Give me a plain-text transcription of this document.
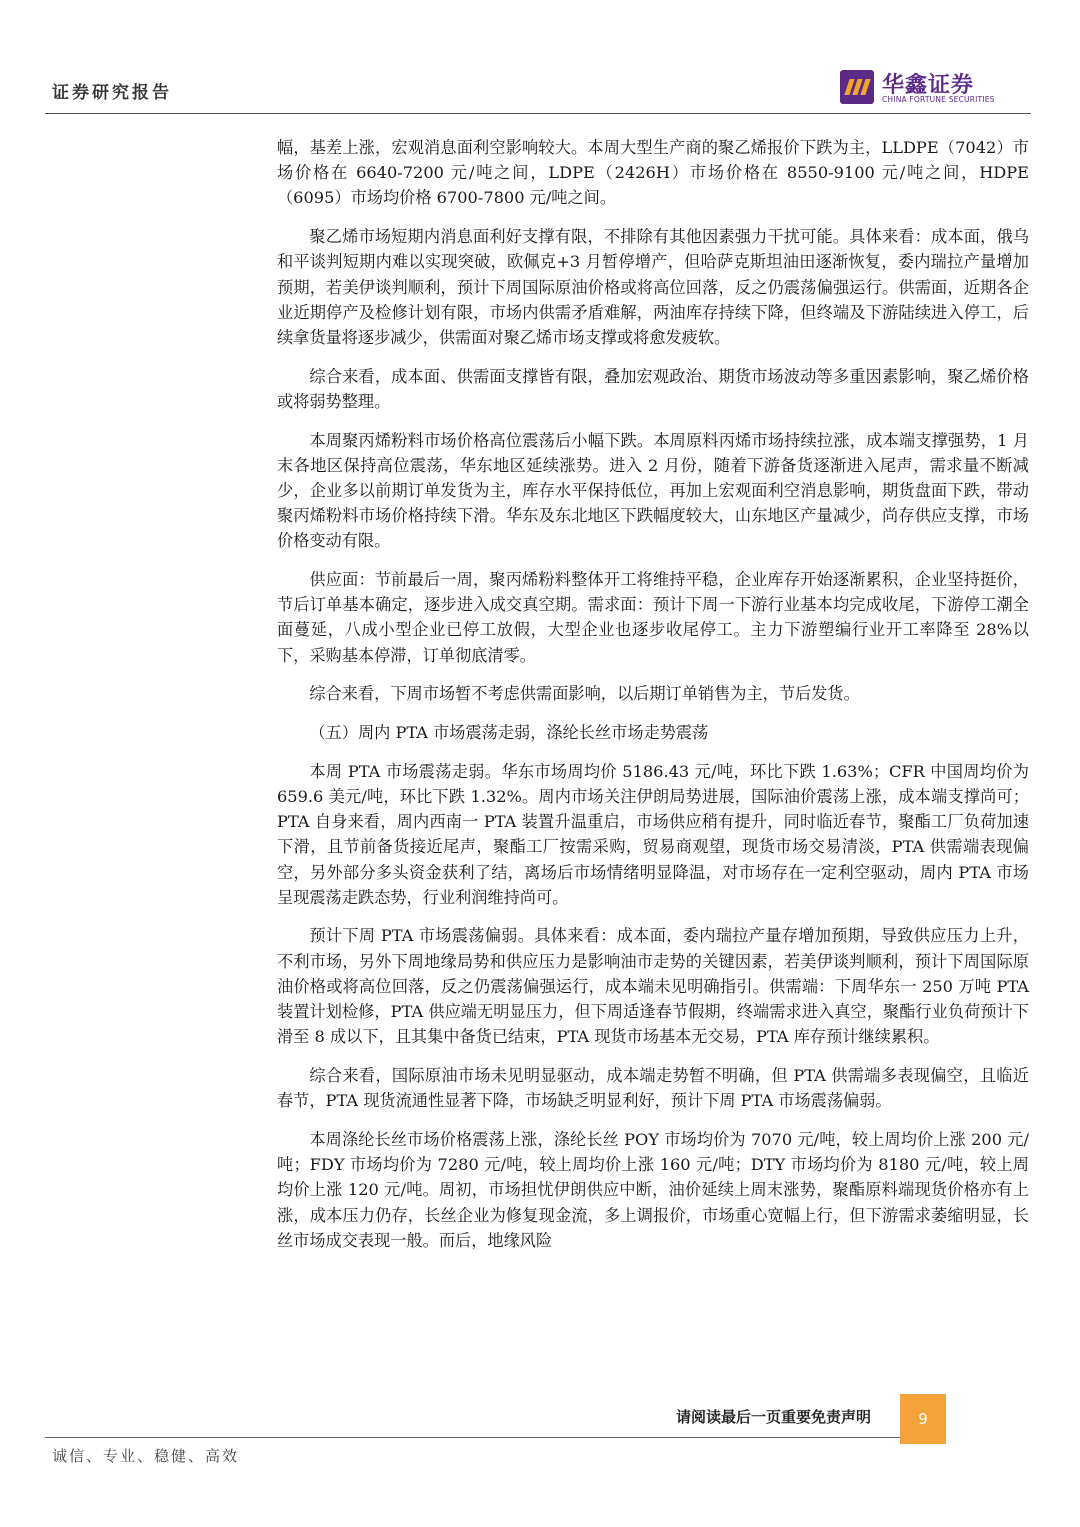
证券研究报告	华鑫证券
CHINA FORTUNE SECURITIES

幅，基差上涨，宏观消息面利空影响较大。本周大型生产商的聚乙烯报价下跌为主，LLDPE（7042）市场价格在 6640-7200 元/吨之间，LDPE（2426H）市场价格在 8550-9100 元/吨之间，HDPE（6095）市场均价格 6700-7800 元/吨之间。

聚乙烯市场短期内消息面利好支撑有限，不排除有其他因素强力干扰可能。具体来看：成本面，俄乌和平谈判短期内难以实现突破，欧佩克+3 月暂停增产，但哈萨克斯坦油田逐渐恢复，委内瑞拉产量增加预期，若美伊谈判顺利，预计下周国际原油价格或将高位回落，反之仍震荡偏强运行。供需面，近期各企业近期停产及检修计划有限，市场内供需矛盾难解，两油库存持续下降，但终端及下游陆续进入停工，后续拿货量将逐步减少，供需面对聚乙烯市场支撑或将愈发疲软。

综合来看，成本面、供需面支撑皆有限，叠加宏观政治、期货市场波动等多重因素影响，聚乙烯价格或将弱势整理。

本周聚丙烯粉料市场价格高位震荡后小幅下跌。本周原料丙烯市场持续拉涨，成本端支撑强势，1 月末各地区保持高位震荡，华东地区延续涨势。进入 2 月份，随着下游备货逐渐进入尾声，需求量不断减少，企业多以前期订单发货为主，库存水平保持低位，再加上宏观面利空消息影响，期货盘面下跌，带动聚丙烯粉料市场价格持续下滑。华东及东北地区下跌幅度较大，山东地区产量减少，尚存供应支撑，市场价格变动有限。

供应面：节前最后一周，聚丙烯粉料整体开工将维持平稳，企业库存开始逐渐累积，企业坚持挺价，节后订单基本确定，逐步进入成交真空期。需求面：预计下周一下游行业基本均完成收尾，下游停工潮全面蔓延，八成小型企业已停工放假，大型企业也逐步收尾停工。主力下游塑编行业开工率降至 28%以下，采购基本停滞，订单彻底清零。

综合来看，下周市场暂不考虑供需面影响，以后期订单销售为主，节后发货。

（五）周内 PTA 市场震荡走弱，涤纶长丝市场走势震荡

本周 PTA 市场震荡走弱。华东市场周均价 5186.43 元/吨，环比下跌 1.63%；CFR 中国周均价为 659.6 美元/吨，环比下跌 1.32%。周内市场关注伊朗局势进展，国际油价震荡上涨，成本端支撑尚可；PTA 自身来看，周内西南一 PTA 装置升温重启，市场供应稍有提升，同时临近春节，聚酯工厂负荷加速下滑，且节前备货接近尾声，聚酯工厂按需采购，贸易商观望，现货市场交易清淡，PTA 供需端表现偏空，另外部分多头资金获利了结，离场后市场情绪明显降温，对市场存在一定利空驱动，周内 PTA 市场呈现震荡走跌态势，行业利润维持尚可。

预计下周 PTA 市场震荡偏弱。具体来看：成本面，委内瑞拉产量存增加预期，导致供应压力上升，不利市场，另外下周地缘局势和供应压力是影响油市走势的关键因素，若美伊谈判顺利，预计下周国际原油价格或将高位回落，反之仍震荡偏强运行，成本端未见明确指引。供需端：下周华东一 250 万吨 PTA 装置计划检修，PTA 供应端无明显压力，但下周适逢春节假期，终端需求进入真空，聚酯行业负荷预计下滑至 8 成以下，且其集中备货已结束，PTA 现货市场基本无交易，PTA 库存预计继续累积。

综合来看，国际原油市场未见明显驱动，成本端走势暂不明确，但 PTA 供需端多表现偏空，且临近春节，PTA 现货流通性显著下降，市场缺乏明显利好，预计下周 PTA 市场震荡偏弱。

本周涤纶长丝市场价格震荡上涨，涤纶长丝 POY 市场均价为 7070 元/吨，较上周均价上涨 200 元/吨；FDY 市场均价为 7280 元/吨，较上周均价上涨 160 元/吨；DTY 市场均价为 8180 元/吨，较上周均价上涨 120 元/吨。周初，市场担忧伊朗供应中断，油价延续上周末涨势，聚酯原料端现货价格亦有上涨，成本压力仍存，长丝企业为修复现金流，多上调报价，市场重心宽幅上行，但下游需求萎缩明显，长丝市场成交表现一般。而后，地缘风险

请阅读最后一页重要免责声明	9
诚信、专业、稳健、高效
